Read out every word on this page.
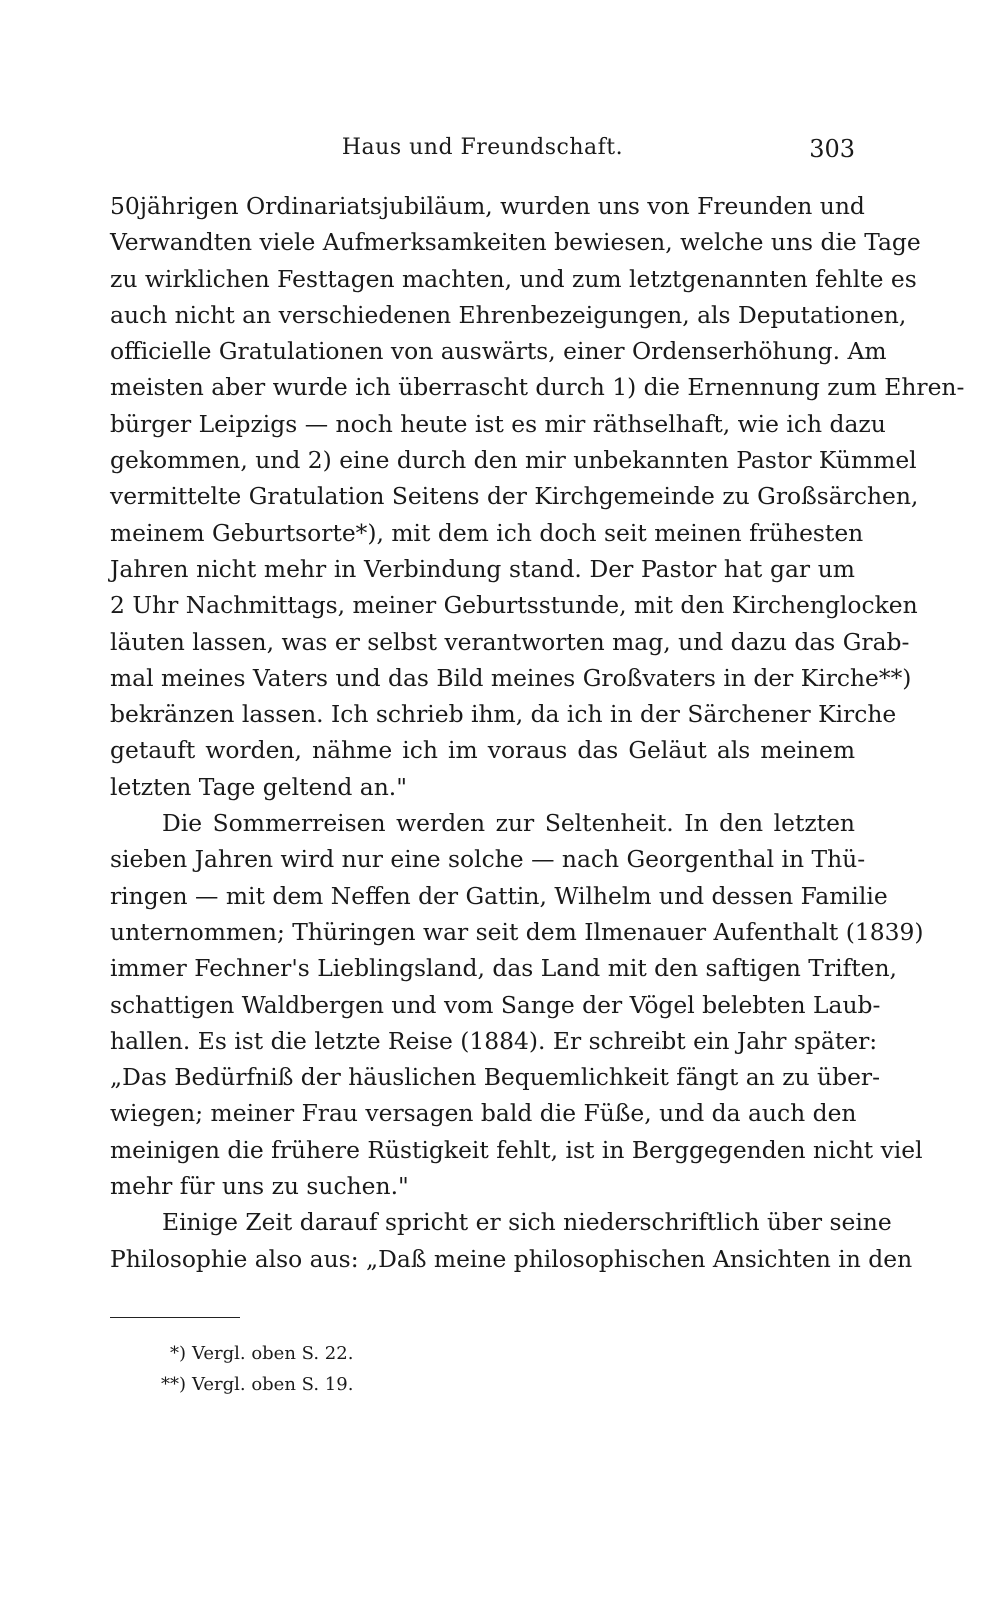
Haus und Freundschaft.	303

50jährigen Ordinariatsjubiläum, wurden uns von Freunden und
Verwandten viele Aufmerksamkeiten bewiesen, welche uns die Tage
zu wirklichen Festtagen machten, und zum letztgenannten fehlte es
auch nicht an verschiedenen Ehrenbezeigungen, als Deputationen,
officielle Gratulationen von auswärts, einer Ordenserhöhung. Am
meisten aber wurde ich überrascht durch 1) die Ernennung zum Ehren-
bürger Leipzigs — noch heute ist es mir räthselhaft, wie ich dazu
gekommen, und 2) eine durch den mir unbekannten Pastor Kümmel
vermittelte Gratulation Seitens der Kirchgemeinde zu Großsärchen,
meinem Geburtsorte*), mit dem ich doch seit meinen frühesten
Jahren nicht mehr in Verbindung stand. Der Pastor hat gar um
2 Uhr Nachmittags, meiner Geburtsstunde, mit den Kirchenglocken
läuten lassen, was er selbst verantworten mag, und dazu das Grab-
mal meines Vaters und das Bild meines Großvaters in der Kirche**)
bekränzen lassen. Ich schrieb ihm, da ich in der Särchener Kirche
getauft worden, nähme ich im voraus das Geläut als meinem
letzten Tage geltend an."

Die Sommerreisen werden zur Seltenheit. In den letzten
sieben Jahren wird nur eine solche — nach Georgenthal in Thü-
ringen — mit dem Neffen der Gattin, Wilhelm und dessen Familie
unternommen; Thüringen war seit dem Ilmenauer Aufenthalt (1839)
immer Fechner's Lieblingsland, das Land mit den saftigen Triften,
schattigen Waldbergen und vom Sange der Vögel belebten Laub-
hallen. Es ist die letzte Reise (1884). Er schreibt ein Jahr später:
„Das Bedürfniß der häuslichen Bequemlichkeit fängt an zu über-
wiegen; meiner Frau versagen bald die Füße, und da auch den
meinigen die frühere Rüstigkeit fehlt, ist in Berggegenden nicht viel
mehr für uns zu suchen."

Einige Zeit darauf spricht er sich niederschriftlich über seine
Philosophie also aus: „Daß meine philosophischen Ansichten in den

*) Vergl. oben S. 22.
**) Vergl. oben S. 19.
